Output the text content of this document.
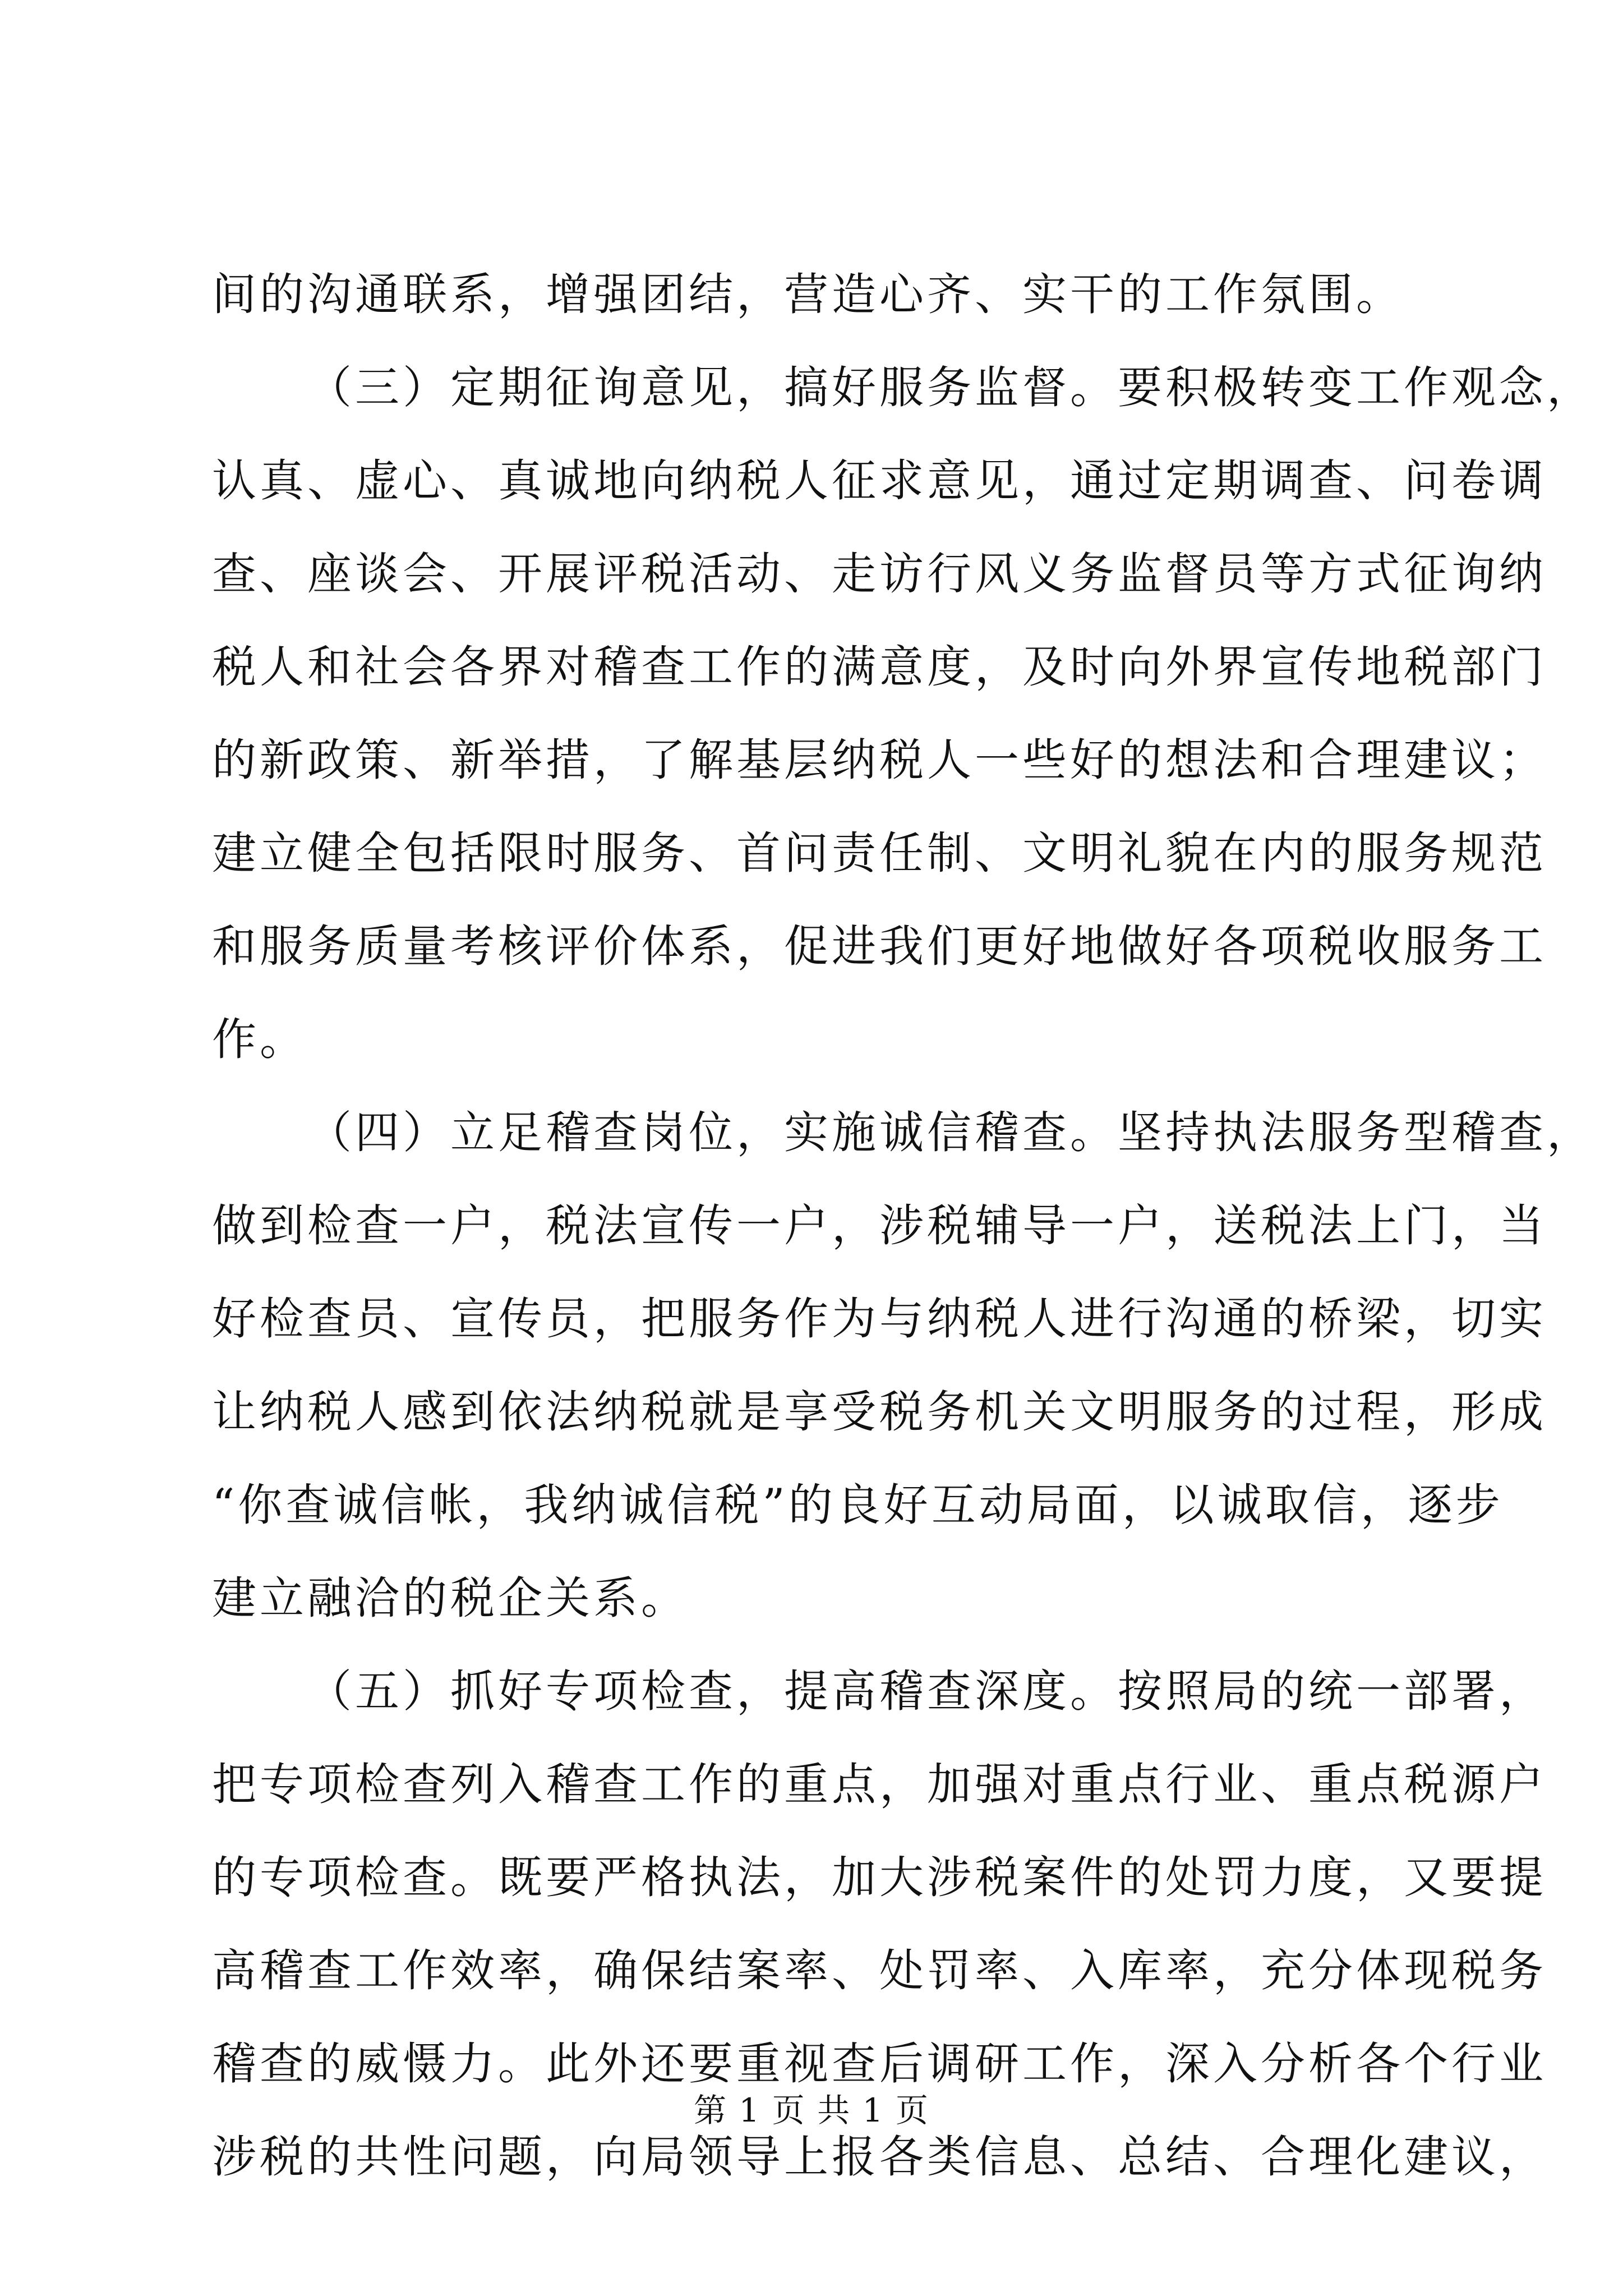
间的沟通联系，增强团结，营造心齐、实干的工作氛围。
（三）定期征询意见，搞好服务监督。要积极转变工作观念，
认真、虚心、真诚地向纳税人征求意见，通过定期调查、问卷调
查、座谈会、开展评税活动、走访行风义务监督员等方式征询纳
税人和社会各界对稽查工作的满意度，及时向外界宣传地税部门
的新政策、新举措，了解基层纳税人一些好的想法和合理建议；
建立健全包括限时服务、首问责任制、文明礼貌在内的服务规范
和服务质量考核评价体系，促进我们更好地做好各项税收服务工
作。
（四）立足稽查岗位，实施诚信稽查。坚持执法服务型稽查，
做到检查一户，税法宣传一户，涉税辅导一户，送税法上门，当
好检查员、宣传员，把服务作为与纳税人进行沟通的桥梁，切实
让纳税人感到依法纳税就是享受税务机关文明服务的过程，形成
“你查诚信帐，我纳诚信税”的良好互动局面，以诚取信，逐步
建立融洽的税企关系。
（五）抓好专项检查，提高稽查深度。按照局的统一部署，
把专项检查列入稽查工作的重点，加强对重点行业、重点税源户
的专项检查。既要严格执法，加大涉税案件的处罚力度，又要提
高稽查工作效率，确保结案率、处罚率、入库率，充分体现税务
稽查的威慑力。此外还要重视查后调研工作，深入分析各个行业
涉税的共性问题，向局领导上报各类信息、总结、合理化建议，
第 1 页 共 1 页
